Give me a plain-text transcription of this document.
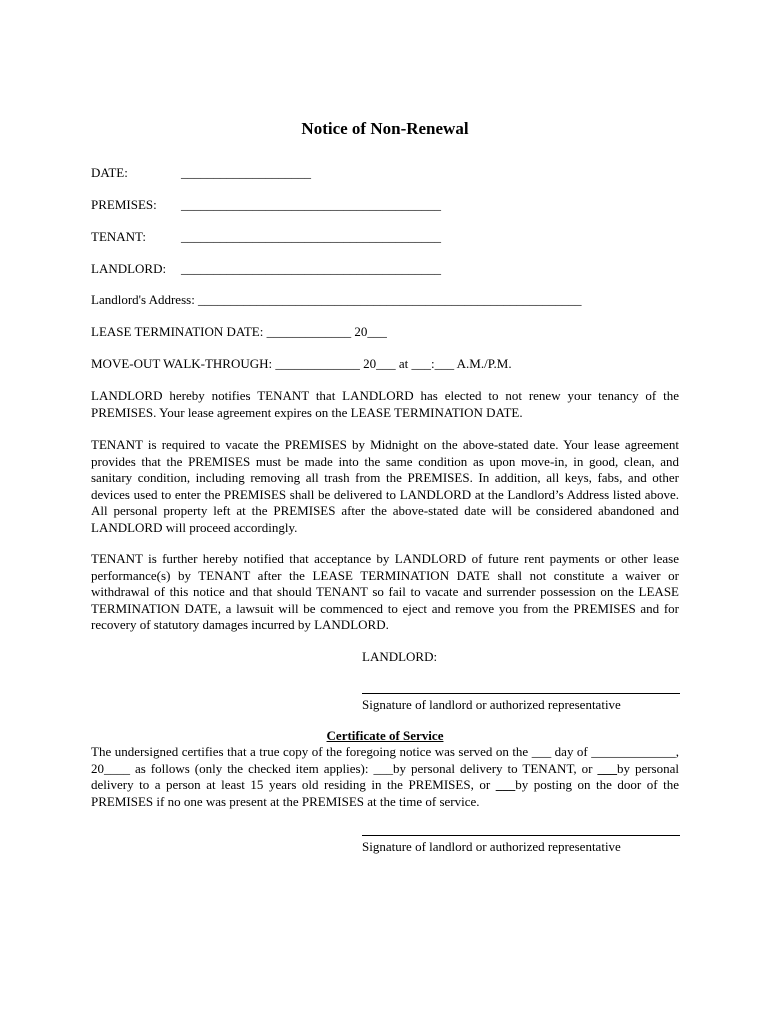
Notice of Non-Renewal
DATE:	____________________
PREMISES: ________________________________________
TENANT:	________________________________________
LANDLORD: ________________________________________
Landlord's Address: ___________________________________________________________
LEASE TERMINATION DATE: _____________ 20___
MOVE-OUT WALK-THROUGH: _____________ 20___ at ___:___ A.M./P.M.
LANDLORD hereby notifies TENANT that LANDLORD has elected to not renew your tenancy of the PREMISES. Your lease agreement expires on the LEASE TERMINATION DATE.
TENANT is required to vacate the PREMISES by Midnight on the above-stated date. Your lease agreement provides that the PREMISES must be made into the same condition as upon move-in, in good, clean, and sanitary condition, including removing all trash from the PREMISES. In addition, all keys, fabs, and other devices used to enter the PREMISES shall be delivered to LANDLORD at the Landlord’s Address listed above. All personal property left at the PREMISES after the above-stated date will be considered abandoned and LANDLORD will proceed accordingly.
TENANT is further hereby notified that acceptance by LANDLORD of future rent payments or other lease performance(s) by TENANT after the LEASE TERMINATION DATE shall not constitute a waiver or withdrawal of this notice and that should TENANT so fail to vacate and surrender possession on the LEASE TERMINATION DATE, a lawsuit will be commenced to eject and remove you from the PREMISES and for recovery of statutory damages incurred by LANDLORD.
LANDLORD:
Signature of landlord or authorized representative
Certificate of Service
The undersigned certifies that a true copy of the foregoing notice was served on the ___ day of _____________, 20____ as follows (only the checked item applies): ___by personal delivery to TENANT, or ___by personal delivery to a person at least 15 years old residing in the PREMISES, or ___by posting on the door of the PREMISES if no one was present at the PREMISES at the time of service.
Signature of landlord or authorized representative
